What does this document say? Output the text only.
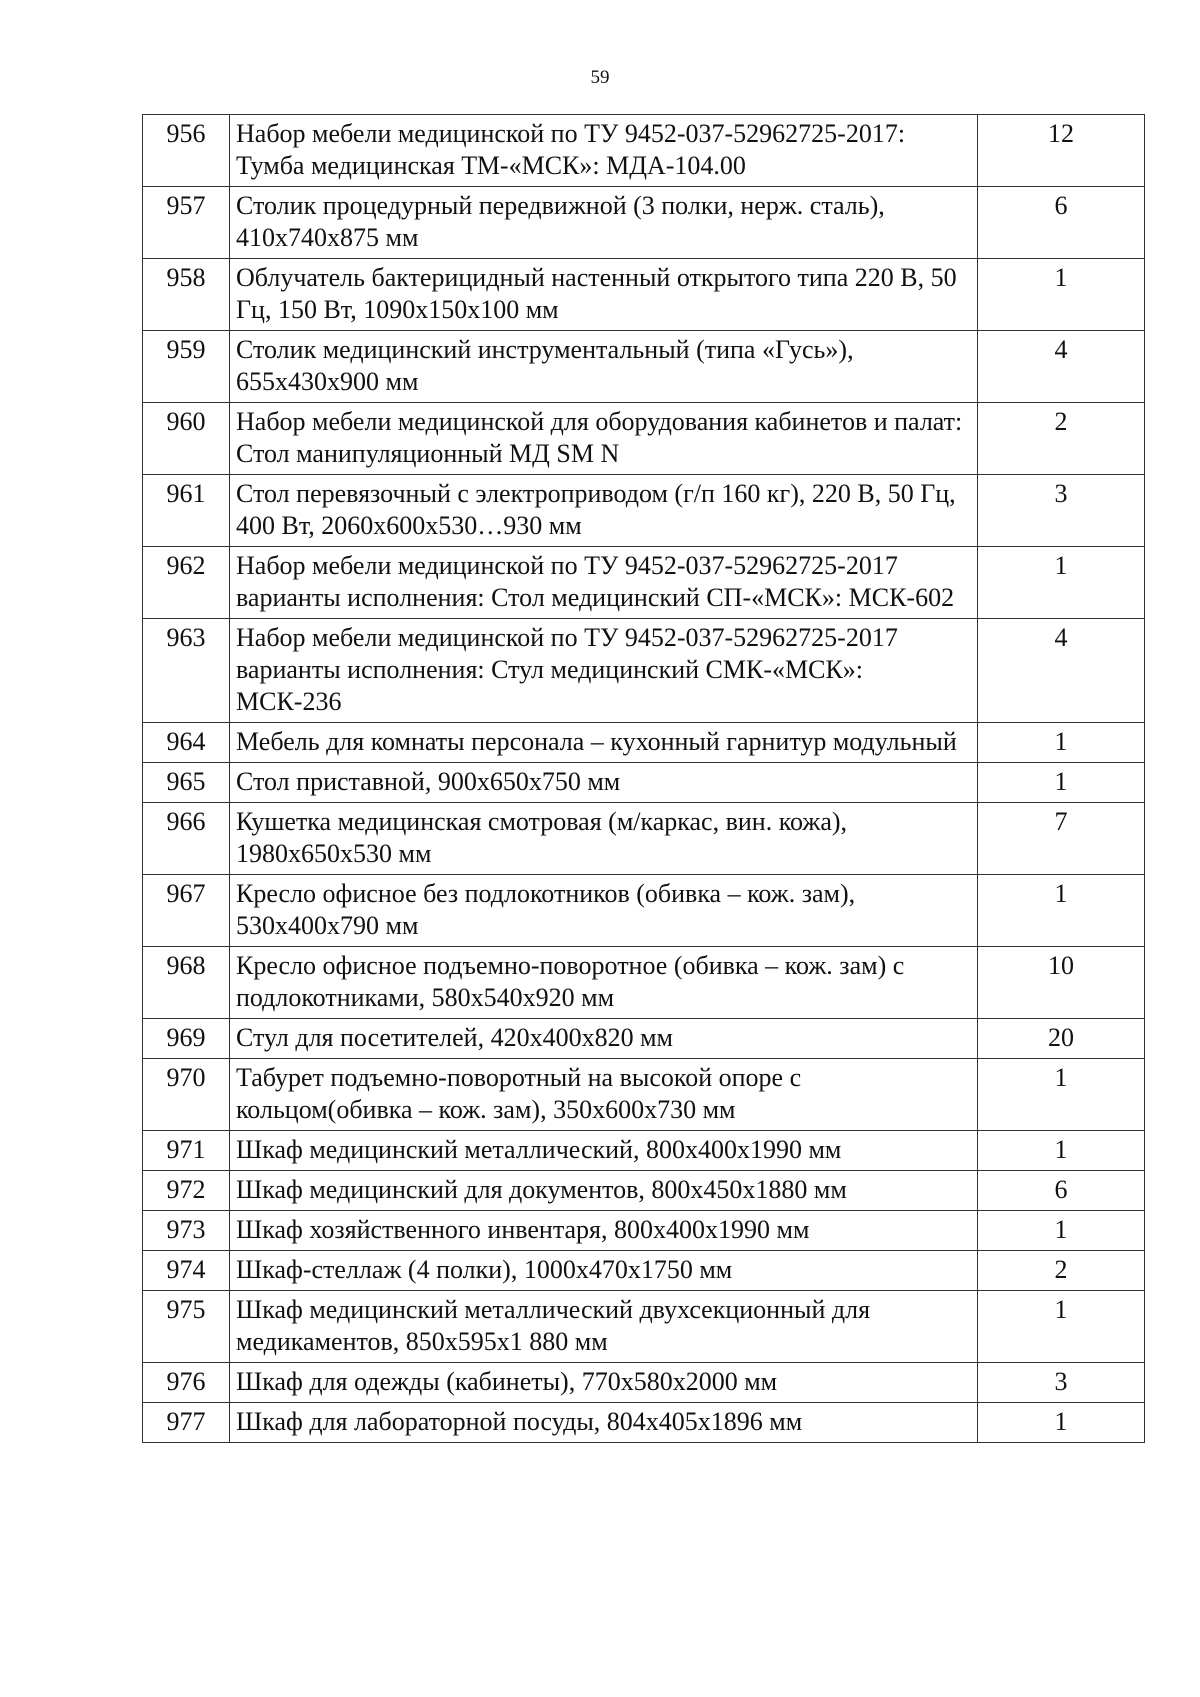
59
956	Набор мебели медицинской по ТУ 9452-037-52962725-2017: Тумба медицинская ТМ-«МСК»: МДА-104.00	12
957	Столик процедурный передвижной (3 полки, нерж. сталь), 410х740х875 мм	6
958	Облучатель бактерицидный настенный открытого типа 220 В, 50 Гц, 150 Вт, 1090х150х100 мм	1
959	Столик медицинский инструментальный (типа «Гусь»), 655х430х900 мм	4
960	Набор мебели медицинской для оборудования кабинетов и палат: Стол манипуляционный МД SM N	2
961	Стол перевязочный с электроприводом (г/п 160 кг), 220 В, 50 Гц, 400 Вт, 2060х600х530…930 мм	3
962	Набор мебели медицинской по ТУ 9452-037-52962725-2017 варианты исполнения: Стол медицинский СП-«МСК»: МСК-602	1
963	Набор мебели медицинской по ТУ 9452-037-52962725-2017 варианты исполнения: Стул медицинский СМК-«МСК»: МСК-236	4
964	Мебель для комнаты персонала – кухонный гарнитур модульный	1
965	Стол приставной, 900х650х750 мм	1
966	Кушетка медицинская смотровая (м/каркас, вин. кожа), 1980х650х530 мм	7
967	Кресло офисное без подлокотников (обивка – кож. зам), 530х400х790 мм	1
968	Кресло офисное подъемно-поворотное (обивка – кож. зам) с подлокотниками, 580х540х920 мм	10
969	Стул для посетителей, 420х400х820 мм	20
970	Табурет подъемно-поворотный на высокой опоре с кольцом(обивка – кож. зам), 350х600х730 мм	1
971	Шкаф медицинский металлический, 800х400х1990 мм	1
972	Шкаф медицинский для документов, 800х450х1880 мм	6
973	Шкаф хозяйственного инвентаря, 800х400х1990 мм	1
974	Шкаф-стеллаж (4 полки), 1000х470х1750 мм	2
975	Шкаф медицинский металлический двухсекционный для медикаментов, 850х595х1 880 мм	1
976	Шкаф для одежды (кабинеты), 770х580х2000 мм	3
977	Шкаф для лабораторной посуды, 804х405х1896 мм	1
